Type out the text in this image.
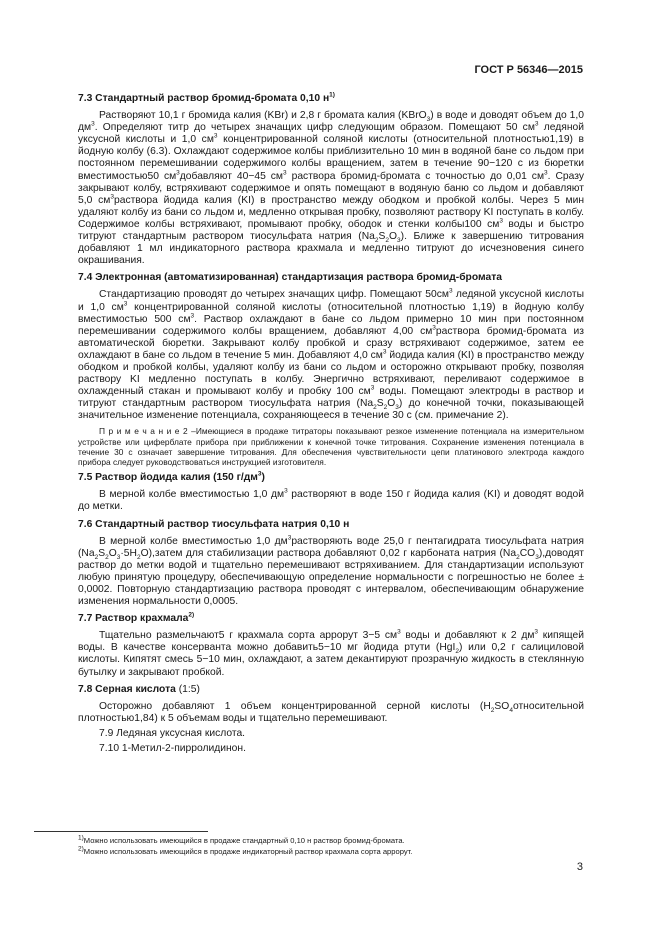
ГОСТ Р 56346—2015
7.3 Стандартный раствор бромид-бромата 0,10 $н^{1)}$

Растворяют 10,1 г бромида калия (KBr) и 2,8 г бромата калия (KBrO$_3$) в воде и доводят объем до 1,0 $дм^3$. Определяют титр до четырех значащих цифр следующим образом. Помещают 50 $см^3$ ледяной уксусной кислоты и 1,0 $см^3$ концентрированной соляной кислоты (относительной плотностью1,19) в йодную колбу (6.3). Охлаждают содержимое колбы приблизительно 10 мин в водяной бане со льдом при постоянном перемешивании содержимого колбы вращением, затем в течение 90−120 с из бюретки вместимостью50 $см^3добавляют$ 40−45 $см^3$ раствора бромид-бромата с точностью до 0,01 $см^3$. Сразу закрывают колбу, встряхивают содержимое и опять помещают в водяную баню со льдом и добавляют 5,0 $см^3раствора$ йодида калия (KI) в пространство между ободком и пробкой колбы. Через 5 мин удаляют колбу из бани со льдом и, медленно открывая пробку, позволяют раствору KI поступать в колбу. Содержимое колбы встряхивают, промывают пробку, ободок и стенки колбы100 $см^3$ воды и быстро титруют стандартным раствором тиосульфата натрия $(Na_2S_2O_3)$. Ближе к завершению титрования добавляют 1 мл индикаторного раствора крахмала и медленно титруют до исчезновения синего окрашивания.

7.4 Электронная (автоматизированная) стандартизация раствора бромид-бромата

Стандартизацию проводят до четырех значащих цифр. Помещают $50см^3$ ледяной уксусной кислоты и 1,0 $см^3$ концентрированной соляной кислоты (относительной плотностью 1,19) в йодную колбу вместимостью 500 $см^3$. Раствор охлаждают в бане со льдом примерно 10 мин при постоянном перемешивании содержимого колбы вращением, добавляют 4,00 $см^3раствора$ бромид-бромата из автоматической бюретки. Закрывают колбу пробкой и сразу встряхивают содержимое, затем ее охлаждают в бане со льдом в течение 5 мин. Добавляют 4,0 $см^3$ йодида калия (KI) в пространство между ободком и пробкой колбы, удаляют колбу из бани со льдом и осторожно открывают пробку, позволяя раствору KI медленно поступать в колбу. Энергично встряхивают, переливают содержимое в охлажденный стакан и промывают колбу и пробку 100 $см^3$ воды. Помещают электроды в раствор и титруют стандартным раствором тиосульфата натрия $(Na_2S_2O_3)$ до конечной точки, показывающей значительное изменение потенциала, сохраняющееся в течение 30 с (см. примечание 2).

П р и м е ч а н и е 2 –Имеющиеся в продаже титраторы показывают резкое изменение потенциала на измерительном устройстве или циферблате прибора при приближении к конечной точке титрования. Сохранение изменения потенциала в течение 30 с означает завершение титрования. Для обеспечения чувствительности цепи платинового электрода каждого прибора следует руководствоваться инструкцией изготовителя.

7.5 Раствор йодида калия (150 $г/дм^3$)

В мерной колбе вместимостью 1,0 $дм^3$ растворяют в воде 150 г йодида калия (KI) и доводят водой до метки.

7.6 Стандартный раствор тиосульфата натрия 0,10 н

В мерной колбе вместимостью 1,0 $дм^3растворяють$ воде 25,0 г пентагидрата тиосульфата натрия $(Na_2S_2O_3\cdot 5H_2O),затем$ для стабилизации раствора добавляют 0,02 г карбоната натрия $(Na_2CO_3),доводят$ раствор до метки водой и тщательно перемешивают встряхиванием. Для стандартизации используют любую принятую процедуру, обеспечивающую определение нормальности с погрешностью не более ± 0,0002. Повторную стандартизацию раствора проводят с интервалом, обеспечивающим обнаружение изменения нормальности 0,0005.

7.7 Раствор крахмала$^{2)}$

Тщательно размельчают5 г крахмала сорта аррорут 3−5 $см^3$ воды и добавляют к 2 $дм^3$ кипящей воды. В качестве консерванта можно добавить5−10 мг йодида ртути (HgI$_2$) или 0,2 г салициловой кислоты. Кипятят смесь 5−10 мин, охлаждают, а затем декантируют прозрачную жидкость в стеклянную бутылку и закрывают пробкой.

7.8 Серная кислота (1:5)

Осторожно добавляют 1 объем концентрированной серной кислоты ($H_2SO_4относительной$ плотностью1,84) к 5 объемам воды и тщательно перемешивают.

7.9 Ледяная уксусная кислота.

7.10 1-Метил-2-пирролидинон.

1)Можно использовать имеющийся в продаже стандартный 0,10 н раствор бромид-бромата.
2)Можно использовать имеющийся в продаже индикаторный раствор крахмала сорта аррорут.
3
